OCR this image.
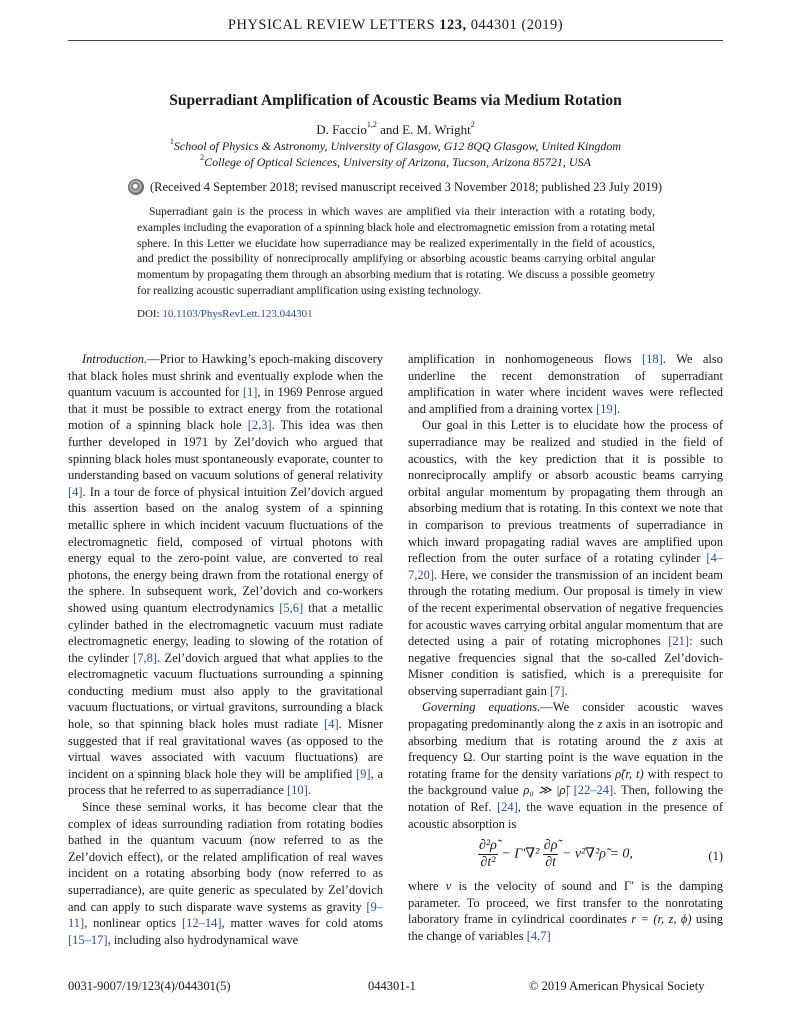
PHYSICAL REVIEW LETTERS 123, 044301 (2019)
Superradiant Amplification of Acoustic Beams via Medium Rotation
D. Faccio$^{1,2}$ and E. M. Wright$^2$
$^1$School of Physics & Astronomy, University of Glasgow, G12 8QQ Glasgow, United Kingdom
$^2$College of Optical Sciences, University of Arizona, Tucson, Arizona 85721, USA
(Received 4 September 2018; revised manuscript received 3 November 2018; published 23 July 2019)
Superradiant gain is the process in which waves are amplified via their interaction with a rotating body, examples including the evaporation of a spinning black hole and electromagnetic emission from a rotating metal sphere. In this Letter we elucidate how superradiance may be realized experimentally in the field of acoustics, and predict the possibility of nonreciprocally amplifying or absorbing acoustic beams carrying orbital angular momentum by propagating them through an absorbing medium that is rotating. We discuss a possible geometry for realizing acoustic superradiant amplification using existing technology.
DOI: 10.1103/PhysRevLett.123.044301

Introduction.—Prior to Hawking’s epoch-making discovery that black holes must shrink and eventually explode when the quantum vacuum is accounted for [1], in 1969 Penrose argued that it must be possible to extract energy from the rotational motion of a spinning black hole [2,3]. This idea was then further developed in 1971 by Zel’dovich who argued that spinning black holes must spontaneously evaporate, counter to understanding based on vacuum solutions of general relativity [4]. In a tour de force of physical intuition Zel’dovich argued this assertion based on the analog system of a spinning metallic sphere in which incident vacuum fluctuations of the electromagnetic field, composed of virtual photons with energy equal to the zero-point value, are converted to real photons, the energy being drawn from the rotational energy of the sphere. In subsequent work, Zel’dovich and co-workers showed using quantum electrodynamics [5,6] that a metallic cylinder bathed in the electromagnetic vacuum must radiate electromagnetic energy, leading to slowing of the rotation of the cylinder [7,8]. Zel’dovich argued that what applies to the electromagnetic vacuum fluctuations surrounding a spinning conducting medium must also apply to the gravitational vacuum fluctuations, or virtual gravitons, surrounding a black hole, so that spinning black holes must radiate [4]. Misner suggested that if real gravitational waves (as opposed to the virtual waves associated with vacuum fluctuations) are incident on a spinning black hole they will be amplified [9], a process that he referred to as superradiance [10].

Since these seminal works, it has become clear that the complex of ideas surrounding radiation from rotating bodies bathed in the quantum vacuum (now referred to as the Zel’dovich effect), or the related amplification of real waves incident on a rotating absorbing body (now referred to as superradiance), are quite generic as speculated by Zel’dovich and can apply to such disparate wave systems as gravity [9–11], nonlinear optics [12–14], matter waves for cold atoms [15–17], including also hydrodynamical wave

amplification in nonhomogeneous flows [18]. We also underline the recent demonstration of superradiant amplification in water where incident waves were reflected and amplified from a draining vortex [19].

Our goal in this Letter is to elucidate how the process of superradiance may be realized and studied in the field of acoustics, with the key prediction that it is possible to nonreciprocally amplify or absorb acoustic beams carrying orbital angular momentum by propagating them through an absorbing medium that is rotating. In this context we note that in comparison to previous treatments of superradiance in which inward propagating radial waves are amplified upon reflection from the outer surface of a rotating cylinder [4–7,20]. Here, we consider the transmission of an incident beam through the rotating medium. Our proposal is timely in view of the recent experimental observation of negative frequencies for acoustic waves carrying orbital angular momentum that are detected using a pair of rotating microphones [21]: such negative frequencies signal that the so-called Zel’dovich-Misner condition is satisfied, which is a prerequisite for observing superradiant gain [7].

Governing equations.—We consider acoustic waves propagating predominantly along the z axis in an isotropic and absorbing medium that is rotating around the z axis at frequency Ω. Our starting point is the wave equation in the rotating frame for the density variations ρ̃(r, t) with respect to the background value ρ₀ ≫ |ρ̃| [22–24]. Then, following the notation of Ref. [24], the wave equation in the presence of acoustic absorption is

$\frac{\text{∂²ρ̃}}{\text{∂t²}} - \Gamma'\nabla^2 \frac{\partial\rhõ}{\partial t}$ − v²∇²ρ̃ = 0,	(1)

where v is the velocity of sound and Γ′ is the damping parameter. To proceed, we first transfer to the nonrotating laboratory frame in cylindrical coordinates r = (r, z, ϕ) using the change of variables [4,7]

0031-9007/19/123(4)/044301(5)	044301-1	© 2019 American Physical Society
